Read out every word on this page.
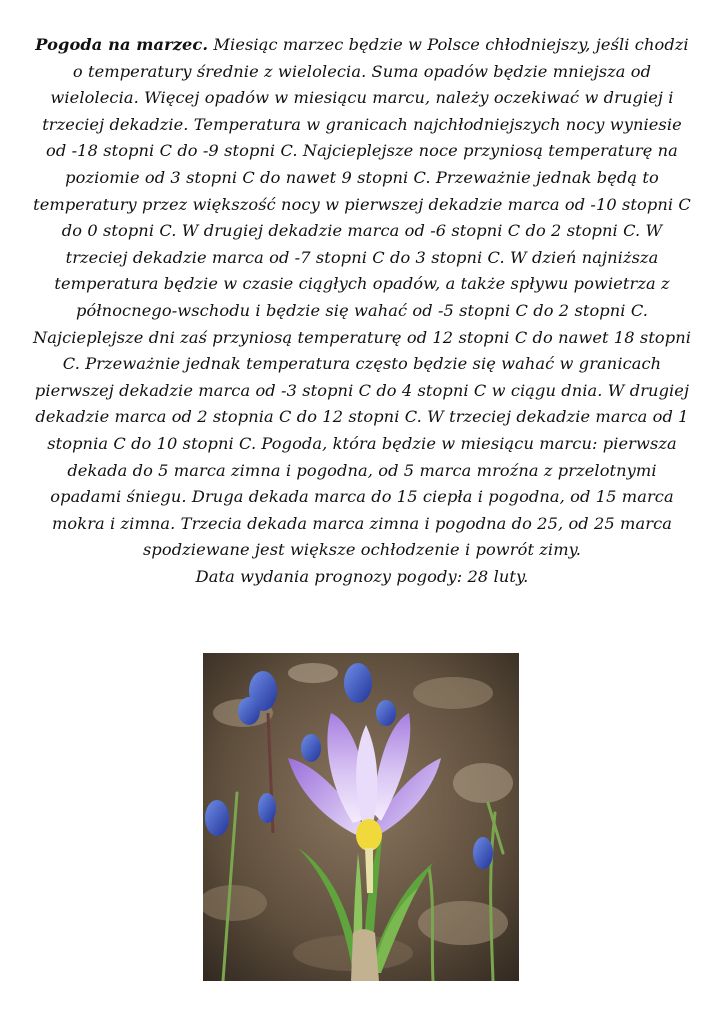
Pogoda na marzec. Miesiąc marzec będzie w Polsce chłodniejszy, jeśli chodzi o temperatury średnie z wielolecia. Suma opadów będzie mniejsza od wielolecia. Więcej opadów w miesiącu marcu, należy oczekiwać w drugiej i trzeciej dekadzie. Temperatura w granicach najchłodniejszych nocy wyniesie od -18 stopni C do -9 stopni C. Najcieplejsze noce przyniosą temperaturę na poziomie od 3 stopni C do nawet 9 stopni C. Przeważnie jednak będą to temperatury przez większość nocy w pierwszej dekadzie marca od -10 stopni C do 0 stopni C. W drugiej dekadzie marca od -6 stopni C do 2 stopni C. W trzeciej dekadzie marca od -7 stopni C do 3 stopni C. W dzień najniższa temperatura będzie w czasie ciągłych opadów, a także spływu powietrza z północnego-wschodu i będzie się wahać od -5 stopni C do 2 stopni C. Najcieplejsze dni zaś przyniosą temperaturę od 12 stopni C do nawet 18 stopni C. Przeważnie jednak temperatura często będzie się wahać w granicach pierwszej dekadzie marca od -3 stopni C do 4 stopni C w ciągu dnia. W drugiej dekadzie marca od 2 stopnia C do 12 stopni C. W trzeciej dekadzie marca od 1 stopnia C do 10 stopni C. Pogoda, która będzie w miesiącu marcu: pierwsza dekada do 5 marca zimna i pogodna, od 5 marca mroźna z przelotnymi opadami śniegu. Druga dekada marca do 15 ciepła i pogodna, od 15 marca mokra i zimna. Trzecia dekada marca zimna i pogodna do 25, od 25 marca spodziewane jest większe ochłodzenie i powrót zimy.
Data wydania prognozy pogody: 28 luty.
